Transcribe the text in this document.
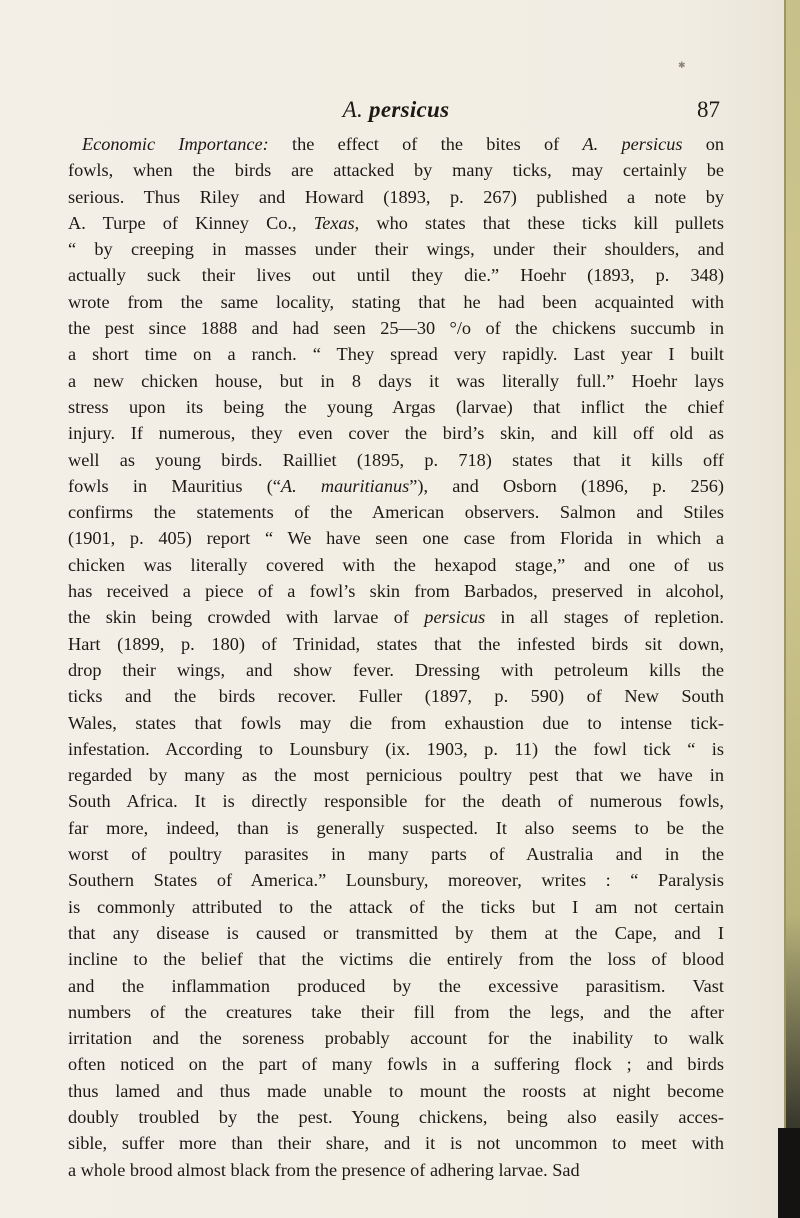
✱
A. persicus	87
Economic Importance: the effect of the bites of A. persicus on
fowls, when the birds are attacked by many ticks, may certainly be
serious. Thus Riley and Howard (1893, p. 267) published a note by
A. Turpe of Kinney Co., Texas, who states that these ticks kill pullets
“ by creeping in masses under their wings, under their shoulders, and
actually suck their lives out until they die.” Hoehr (1893, p. 348)
wrote from the same locality, stating that he had been acquainted with
the pest since 1888 and had seen 25—30 °/o of the chickens succumb in
a short time on a ranch. “ They spread very rapidly. Last year I built
a new chicken house, but in 8 days it was literally full.” Hoehr lays
stress upon its being the young Argas (larvae) that inflict the chief
injury. If numerous, they even cover the bird’s skin, and kill off old as
well as young birds. Railliet (1895, p. 718) states that it kills off
fowls in Mauritius (“A. mauritianus”), and Osborn (1896, p. 256)
confirms the statements of the American observers. Salmon and Stiles
(1901, p. 405) report “ We have seen one case from Florida in which a
chicken was literally covered with the hexapod stage,” and one of us
has received a piece of a fowl’s skin from Barbados, preserved in alcohol,
the skin being crowded with larvae of persicus in all stages of repletion.
Hart (1899, p. 180) of Trinidad, states that the infested birds sit down,
drop their wings, and show fever. Dressing with petroleum kills the
ticks and the birds recover. Fuller (1897, p. 590) of New South
Wales, states that fowls may die from exhaustion due to intense tick-
infestation. According to Lounsbury (ix. 1903, p. 11) the fowl tick “ is
regarded by many as the most pernicious poultry pest that we have in
South Africa. It is directly responsible for the death of numerous fowls,
far more, indeed, than is generally suspected. It also seems to be the
worst of poultry parasites in many parts of Australia and in the
Southern States of America.” Lounsbury, moreover, writes : “ Paralysis
is commonly attributed to the attack of the ticks but I am not certain
that any disease is caused or transmitted by them at the Cape, and I
incline to the belief that the victims die entirely from the loss of blood
and the inflammation produced by the excessive parasitism. Vast
numbers of the creatures take their fill from the legs, and the after
irritation and the soreness probably account for the inability to walk
often noticed on the part of many fowls in a suffering flock ; and birds
thus lamed and thus made unable to mount the roosts at night become
doubly troubled by the pest. Young chickens, being also easily acces-
sible, suffer more than their share, and it is not uncommon to meet with
a whole brood almost black from the presence of adhering larvae. Sad
